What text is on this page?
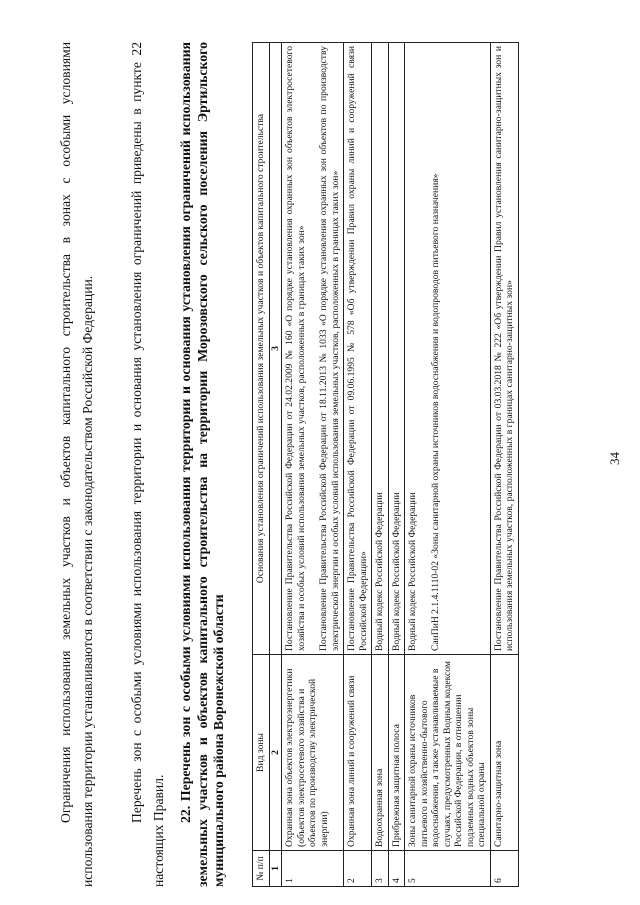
34

Ограничения использования земельных участков и объектов капитального строительства в зонах с особыми условиями использования территории устанавливаются в соответствии с законодательством Российской Федерации.	Перечень зон с особыми условиями использования территории и основания установления ограничений приведены в пункте 22 настоящих Правил.

22. Перечень зон с особыми условиями использования территории и основания установления ограничений использования земельных участков и объектов капитального строительства на территории Морозовского сельского поселения Эртильского муниципального района Воронежской области	№ п/п	Вид зоны	Основания установления ограничений использования земельных участков и объектов капитального строительства
1	2	3
1	Охранная зона объектов электроэнергетики (объектов электросетевого хозяйства и объектов по производству электрической энергии)	Постановление Правительства Российской Федерации от 24.02.2009 № 160 «О порядке установления охранных зон объектов электросетевого хозяйства и особых условий использования земельных участков, расположенных в границах таких зон» Постановление Правительства Российской Федерации от 18.11.2013 № 1033 «О порядке установления охранных зон объектов по производству электрической энергии и особых условий использования земельных участков, расположенных в границах таких зон»

2	Охранная зона линий и сооружений связи	Постановление Правительства Российской Федерации от 09.06.1995 № 578 «Об утверждении Правил охраны линий и сооружений связи Российской Федерации»

3	Водоохранная зона	Водный кодекс Российской Федерации

4	Прибрежная защитная полоса	Водный кодекс Российской Федерации

5	Зоны санитарной охраны источников питьевого и хозяйственно-бытового водоснабжения, а также устанавливаемые в случаях, предусмотренных Водным кодексом Российской Федерации, в отношении подземных водных объектов зоны специальной охраны	Водный кодекс Российской Федерации СанПиН 2.1.4.1110-02 «Зоны санитарной охраны источников водоснабжения и водопроводов питьевого назначения»

6	Санитарно-защитная зона	Постановление Правительства Российской Федерации от 03.03.2018 № 222 «Об утверждении Правил установления санитарно-защитных зон и использования земельных участков, расположенных в границах санитарно-защитных зон»
